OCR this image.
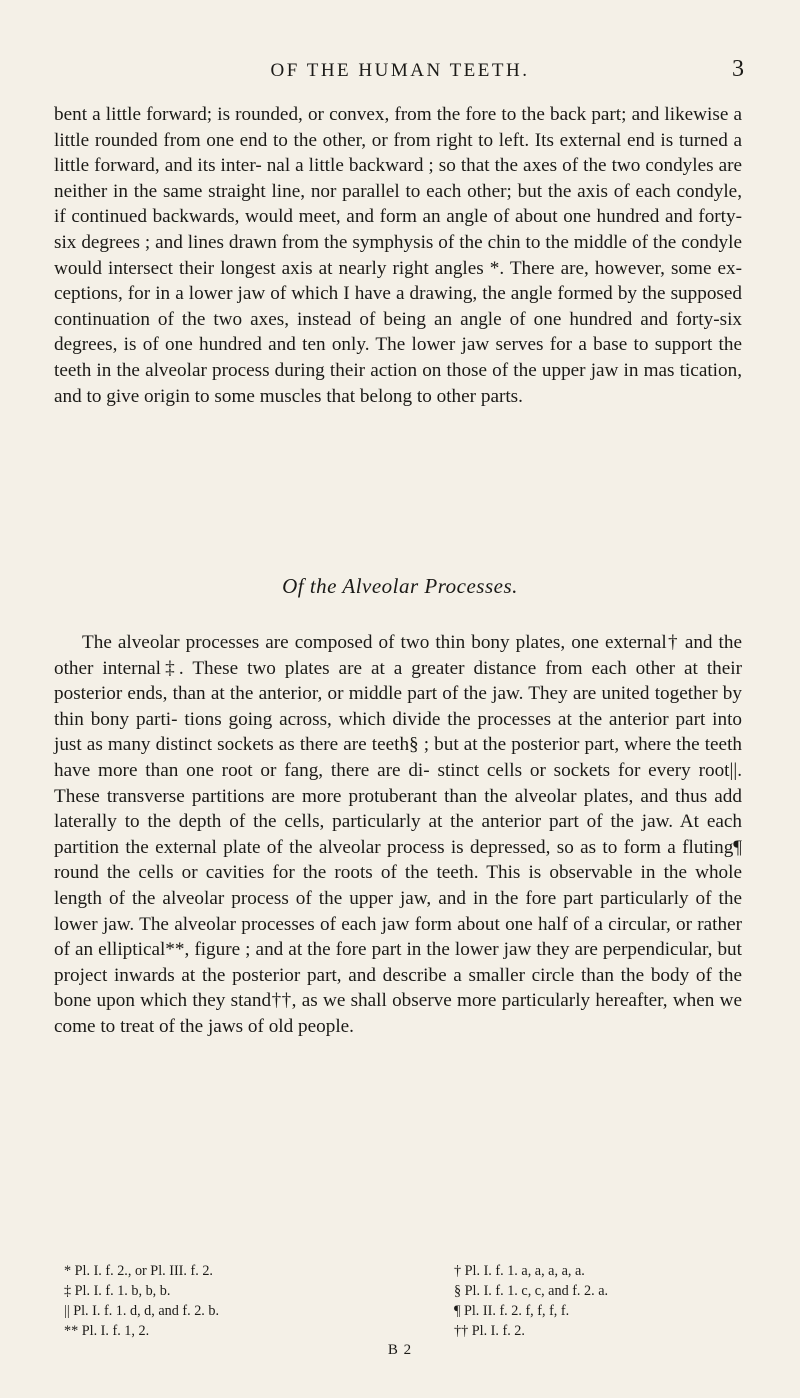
OF THE HUMAN TEETH.	3

bent a little forward; is rounded, or convex, from the fore to the back part; and likewise a little rounded from one end to the other, or from right to left. Its external end is turned a little forward, and its inter- nal a little backward ; so that the axes of the two condyles are neither in the same straight line, nor parallel to each other; but the axis of each condyle, if continued backwards, would meet, and form an angle of about one hundred and forty-six degrees ; and lines drawn from the symphysis of the chin to the middle of the condyle would intersect their longest axis at nearly right angles *. There are, however, some ex- ceptions, for in a lower jaw of which I have a drawing, the angle formed by the supposed continuation of the two axes, instead of being an angle of one hundred and forty-six degrees, is of one hundred and ten only. The lower jaw serves for a base to support the teeth in the alveolar process during their action on those of the upper jaw in mas tication, and to give origin to some muscles that belong to other parts.

Of the Alveolar Processes.

The alveolar processes are composed of two thin bony plates, one external† and the other internal‡. These two plates are at a greater distance from each other at their posterior ends, than at the anterior, or middle part of the jaw. They are united together by thin bony parti- tions going across, which divide the processes at the anterior part into just as many distinct sockets as there are teeth§ ; but at the posterior part, where the teeth have more than one root or fang, there are di- stinct cells or sockets for every root||. These transverse partitions are more protuberant than the alveolar plates, and thus add laterally to the depth of the cells, particularly at the anterior part of the jaw. At each partition the external plate of the alveolar process is depressed, so as to form a fluting¶ round the cells or cavities for the roots of the teeth. This is observable in the whole length of the alveolar process of the upper jaw, and in the fore part particularly of the lower jaw. The alveolar processes of each jaw form about one half of a circular, or rather of an elliptical**, figure ; and at the fore part in the lower jaw they are perpendicular, but project inwards at the posterior part, and describe a smaller circle than the body of the bone upon which they stand††, as we shall observe more particularly hereafter, when we come to treat of the jaws of old people.

* Pl. I. f. 2., or Pl. III. f. 2.
‡ Pl. I. f. 1. b, b, b.
|| Pl. I. f. 1. d, d, and f. 2. b.
** Pl. I. f. 1, 2.
† Pl. I. f. 1. a, a, a, a, a.
§ Pl. I. f. 1. c, c, and f. 2. a.
¶ Pl. II. f. 2. f, f, f, f.
†† Pl. I. f. 2.
B 2
